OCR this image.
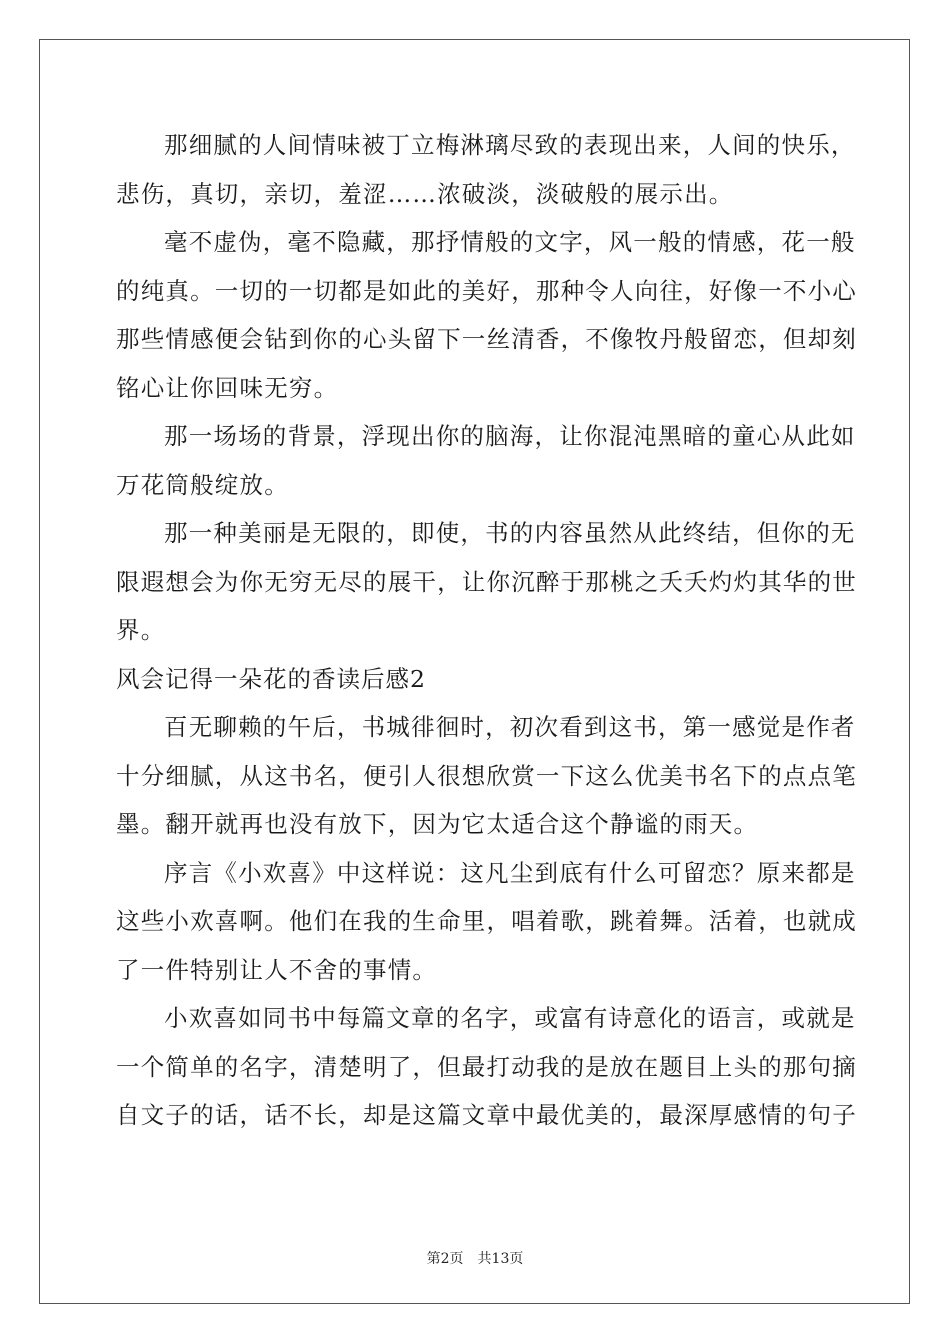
那细腻的人间情味被丁立梅淋璃尽致的表现出来，人间的快乐，
悲伤，真切，亲切，羞涩……浓破淡，淡破般的展示出。
毫不虚伪，毫不隐藏，那抒情般的文字，风一般的情感，花一般
的纯真。一切的一切都是如此的美好，那种令人向往，好像一不小心
那些情感便会钻到你的心头留下一丝清香，不像牧丹般留恋，但却刻
铭心让你回味无穷。
那一场场的背景，浮现出你的脑海，让你混沌黑暗的童心从此如
万花筒般绽放。
那一种美丽是无限的，即使，书的内容虽然从此终结，但你的无
限遐想会为你无穷无尽的展干，让你沉醉于那桃之夭夭灼灼其华的世
界。
风会记得一朵花的香读后感2
百无聊赖的午后，书城徘徊时，初次看到这书，第一感觉是作者
十分细腻，从这书名，便引人很想欣赏一下这么优美书名下的点点笔
墨。翻开就再也没有放下，因为它太适合这个静谧的雨天。
序言《小欢喜》中这样说：这凡尘到底有什么可留恋？原来都是
这些小欢喜啊。他们在我的生命里，唱着歌，跳着舞。活着，也就成
了一件特别让人不舍的事情。
小欢喜如同书中每篇文章的名字，或富有诗意化的语言，或就是
一个简单的名字，清楚明了，但最打动我的是放在题目上头的那句摘
自文子的话，话不长，却是这篇文章中最优美的，最深厚感情的句子
第2页 共13页
